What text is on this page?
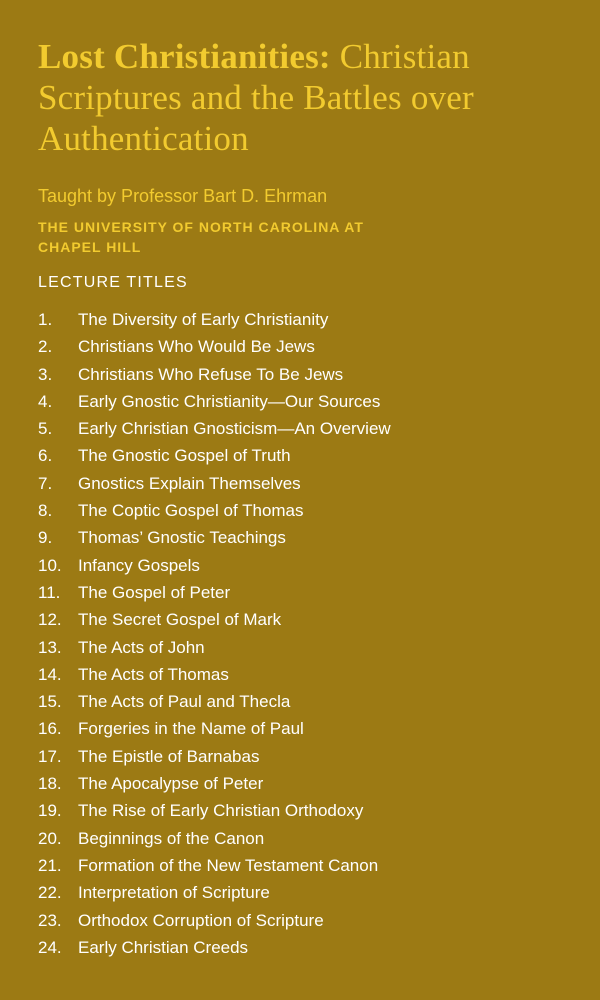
Lost Christianities: Christian Scriptures and the Battles over Authentication
Taught by Professor Bart D. Ehrman
THE UNIVERSITY OF NORTH CAROLINA AT CHAPEL HILL
LECTURE TITLES
1.	The Diversity of Early Christianity
2.	Christians Who Would Be Jews
3.	Christians Who Refuse To Be Jews
4.	Early Gnostic Christianity—Our Sources
5.	Early Christian Gnosticism—An Overview
6.	The Gnostic Gospel of Truth
7.	Gnostics Explain Themselves
8.	The Coptic Gospel of Thomas
9.	Thomas’ Gnostic Teachings
10. Infancy Gospels
11.	The Gospel of Peter
12. The Secret Gospel of Mark
13. The Acts of John
14. The Acts of Thomas
15. The Acts of Paul and Thecla
16. Forgeries in the Name of Paul
17. The Epistle of Barnabas
18. The Apocalypse of Peter
19. The Rise of Early Christian Orthodoxy
20. Beginnings of the Canon
21. Formation of the New Testament Canon
22. Interpretation of Scripture
23. Orthodox Corruption of Scripture
24. Early Christian Creeds
